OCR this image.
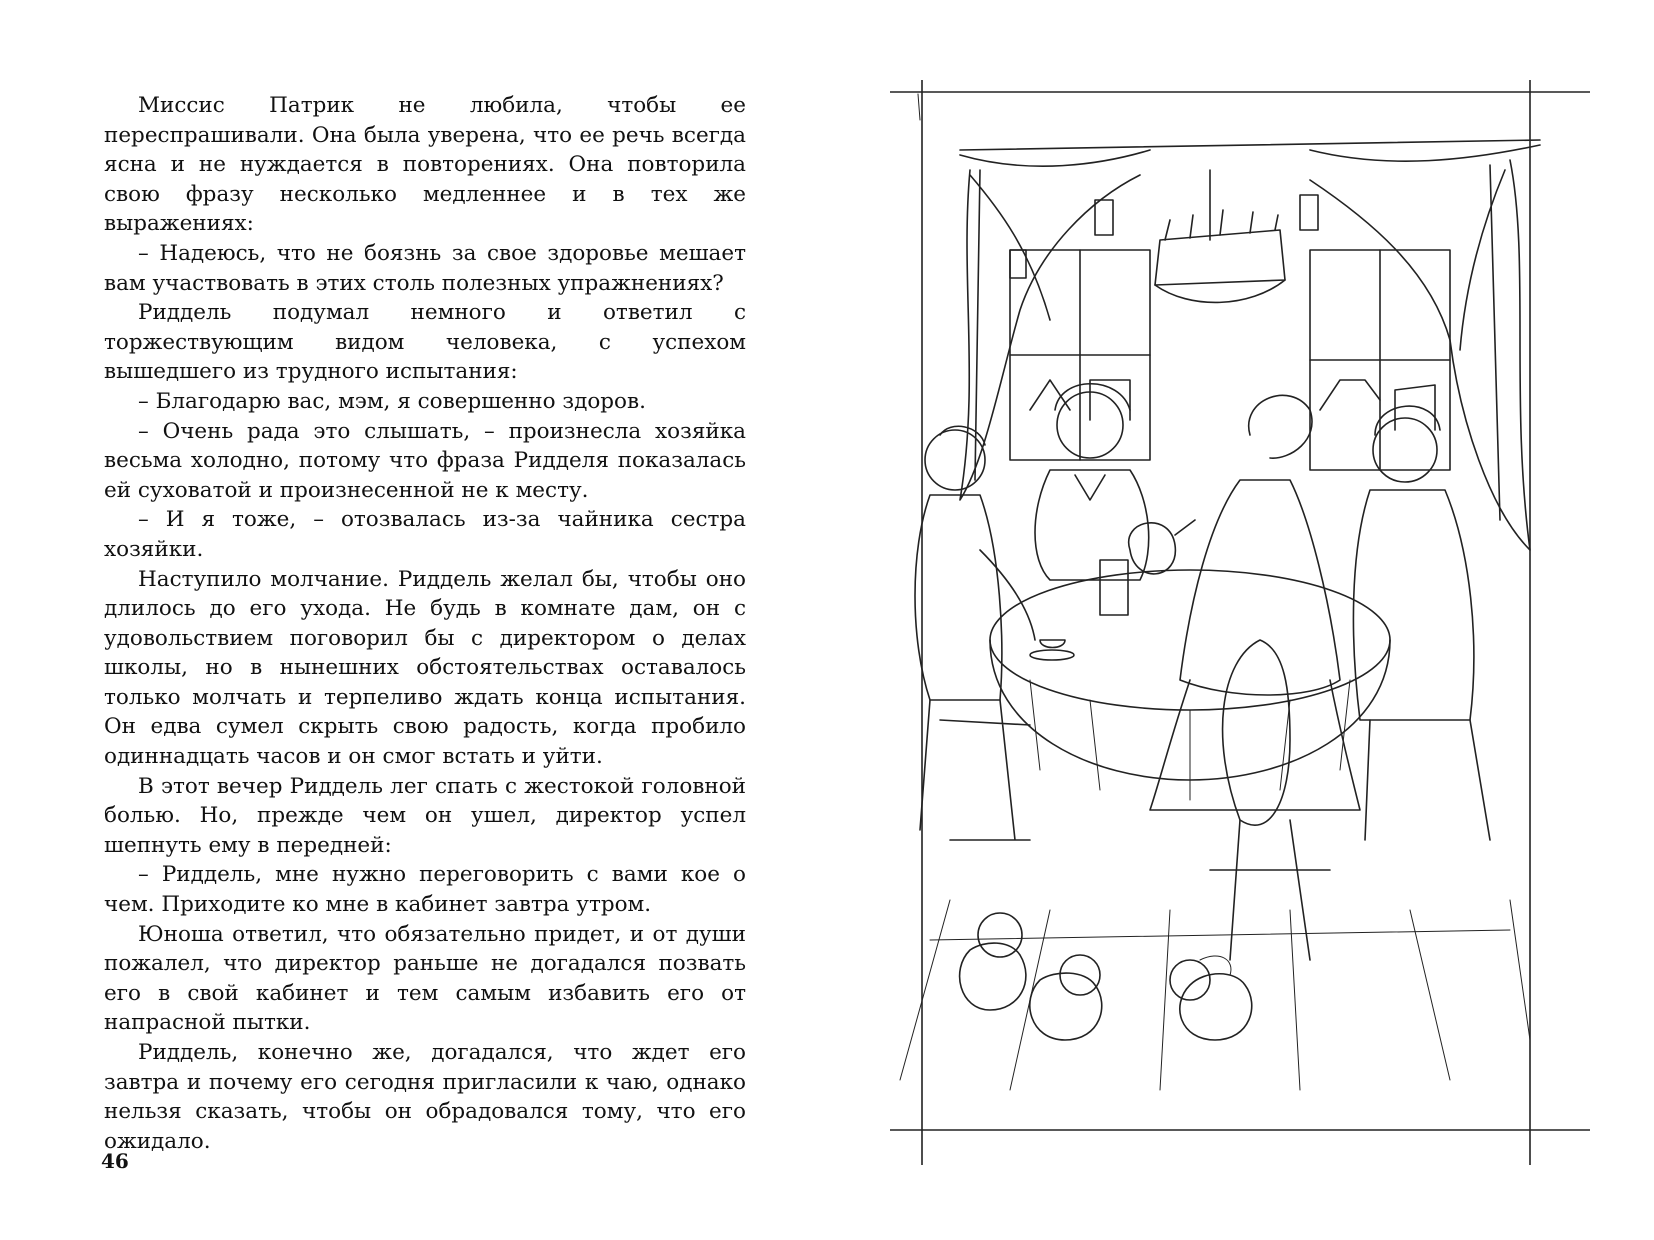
Миссис Патрик не любила, чтобы ее переспрашивали. Она была уверена, что ее речь всегда ясна и не нуждается в повторениях. Она повторила свою фразу несколько медленнее и в тех же выражениях:

– Надеюсь, что не боязнь за свое здоровье мешает вам участвовать в этих столь полезных упражнениях?

Риддель подумал немного и ответил с торжествующим видом человека, с успехом вышедшего из трудного испытания:

– Благодарю вас, мэм, я совершенно здоров.

– Очень рада это слышать, – произнесла хозяйка весьма холодно, потому что фраза Ридделя показалась ей суховатой и произнесенной не к месту.

– И я тоже, – отозвалась из-за чайника сестра хозяйки.

Наступило молчание. Риддель желал бы, чтобы оно длилось до его ухода. Не будь в комнате дам, он с удовольствием поговорил бы с директором о делах школы, но в нынешних обстоятельствах оставалось только молчать и терпеливо ждать конца испытания. Он едва сумел скрыть свою радость, когда пробило одиннадцать часов и он смог встать и уйти.

В этот вечер Риддель лег спать с жестокой головной болью. Но, прежде чем он ушел, директор успел шепнуть ему в передней:

– Риддель, мне нужно переговорить с вами кое о чем. Приходите ко мне в кабинет завтра утром.

Юноша ответил, что обязательно придет, и от души пожалел, что директор раньше не догадался позвать его в свой кабинет и тем самым избавить его от напрасной пытки.

Риддель, конечно же, догадался, что ждет его завтра и почему его сегодня пригласили к чаю, однако нельзя сказать, чтобы он обрадовался тому, что его ожидало.

46
